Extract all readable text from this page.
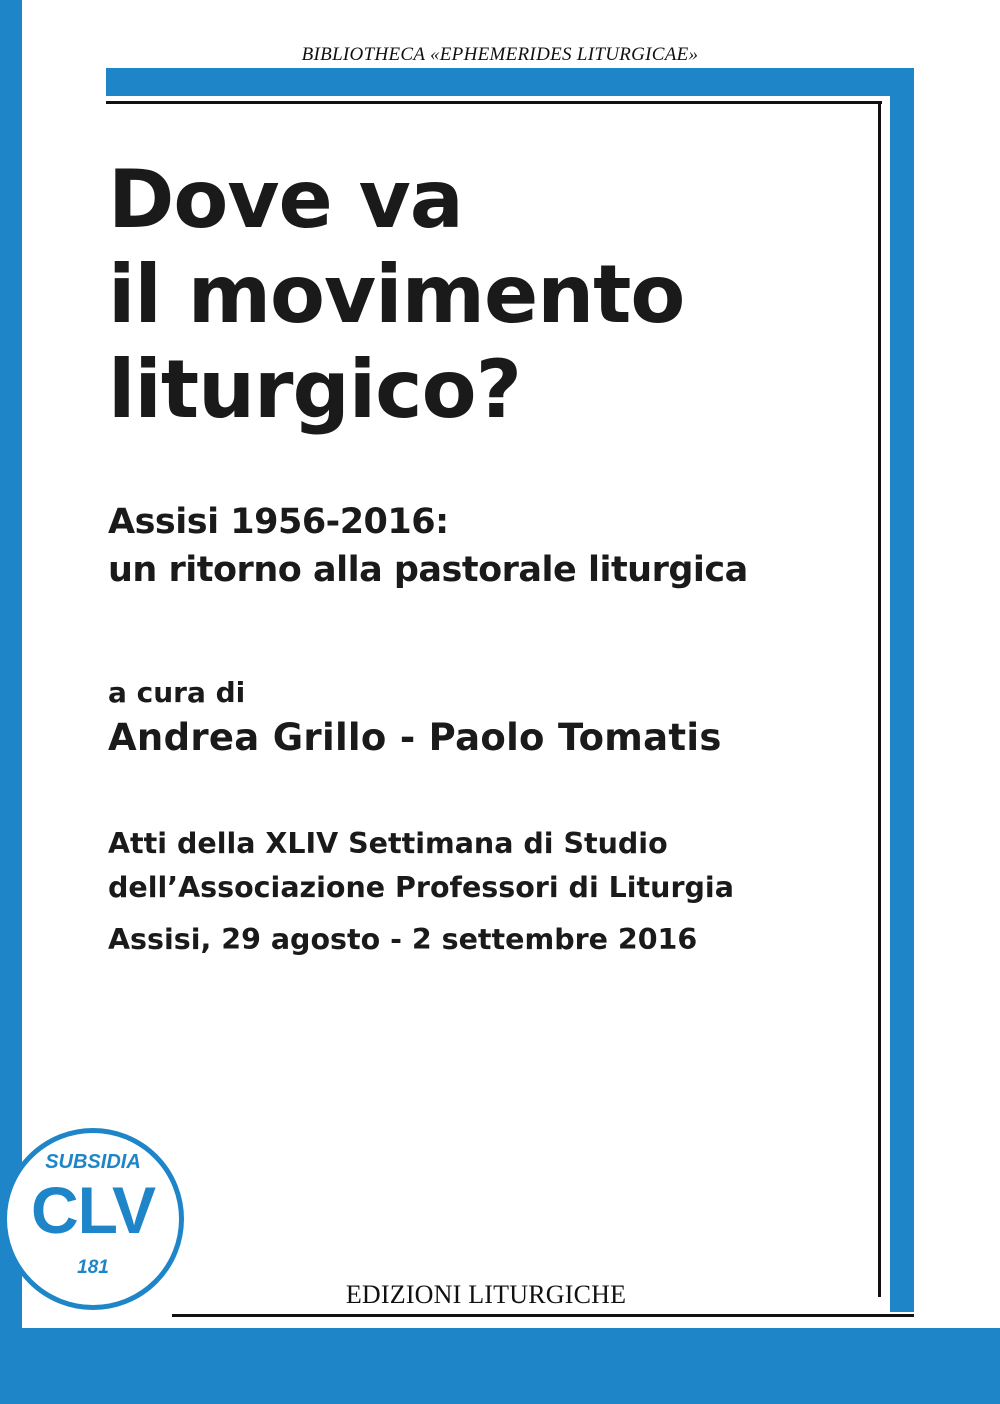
BIBLIOTHECA «EPHEMERIDES LITURGICAE»
Dove va
il movimento
liturgico?
Assisi 1956-2016:
un ritorno alla pastorale liturgica
a cura di
Andrea Grillo - Paolo Tomatis
Atti della XLIV Settimana di Studio
dell’Associazione Professori di Liturgia
Assisi, 29 agosto - 2 settembre 2016
EDIZIONI LITURGICHE
SUBSIDIA
CLV
181
